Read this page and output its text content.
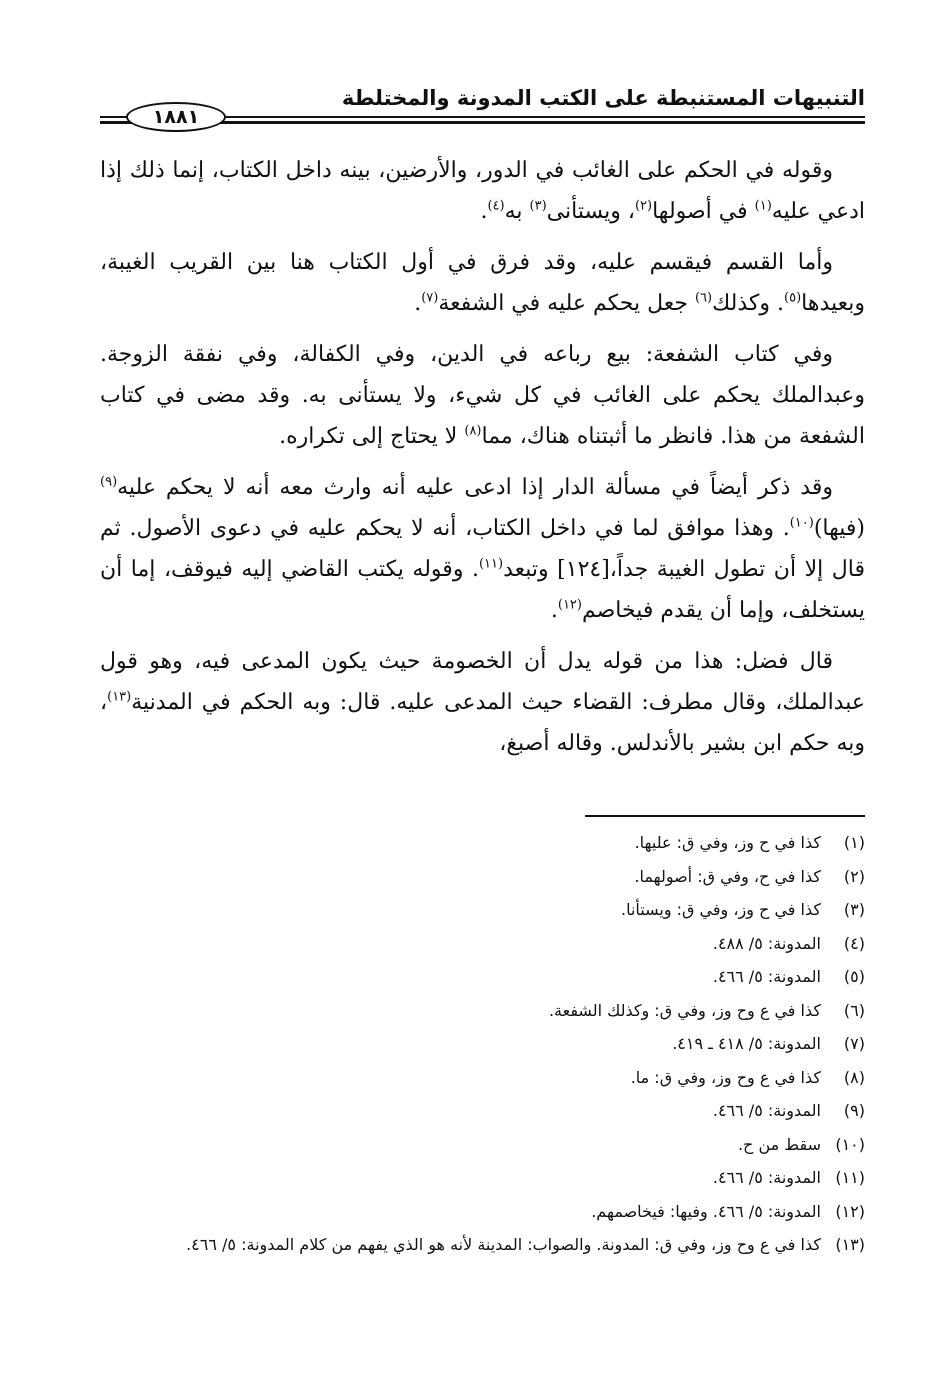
التنبيهات المستنبطة على الكتب المدونة والمختلطة
١٨٨١

وقوله في الحكم على الغائب في الدور، والأرضين، بينه داخل الكتاب، إنما ذلك إذا ادعي عليه$^{(١)}$ في أصولها$^{(٢)}$، ويستأنى$^{(٣)}$ به$^{(٤)}$.

وأما القسم فيقسم عليه، وقد فرق في أول الكتاب هنا بين القريب الغيبة، وبعيدها$^{(٥)}$. وكذلك$^{(٦)}$ جعل يحكم عليه في الشفعة$^{(٧)}$.

وفي كتاب الشفعة: بيع رباعه في الدين، وفي الكفالة، وفي نفقة الزوجة. وعبدالملك يحكم على الغائب في كل شيء، ولا يستأنى به. وقد مضى في كتاب الشفعة من هذا. فانظر ما أثبتناه هناك، مما$^{(٨)}$ لا يحتاج إلى تكراره.

وقد ذكر أيضاً في مسألة الدار إذا ادعى عليه أنه وارث معه أنه لا يحكم عليه$^{(٩)}$ (فيها)$^{(١٠)}$. وهذا موافق لما في داخل الكتاب، أنه لا يحكم عليه في دعوى الأصول. ثم قال إلا أن تطول الغيبة جداً،[١٢٤] وتبعد$^{(١١)}$. وقوله يكتب القاضي إليه فيوقف، إما أن يستخلف، وإما أن يقدم فيخاصم$^{(١٢)}$.

قال فضل: هذا من قوله يدل أن الخصومة حيث يكون المدعى فيه، وهو قول عبدالملك، وقال مطرف: القضاء حيث المدعى عليه. قال: وبه الحكم في المدنية$^{(١٣)}$، وبه حكم ابن بشير بالأندلس. وقاله أصبغ،

(١)
كذا في ح وز، وفي ق: عليها.
(٢)
كذا في ح، وفي ق: أصولهما.
(٣)
كذا في ح وز، وفي ق: ويستأنا.
(٤)
المدونة: ٥/ ٤٨٨.
(٥)
المدونة: ٥/ ٤٦٦.
(٦)
كذا في ع وح وز، وفي ق: وكذلك الشفعة.
(٧)
المدونة: ٥/ ٤١٨ ـ ٤١٩.
(٨)
كذا في ع وح وز، وفي ق: ما.
(٩)
المدونة: ٥/ ٤٦٦.
(١٠)
سقط من ح.
(١١)
المدونة: ٥/ ٤٦٦.
(١٢)
المدونة: ٥/ ٤٦٦. وفيها: فيخاصمهم.
(١٣)
كذا في ع وح وز، وفي ق: المدونة. والصواب: المدينة لأنه هو الذي يفهم من كلام المدونة: ٥/ ٤٦٦.
